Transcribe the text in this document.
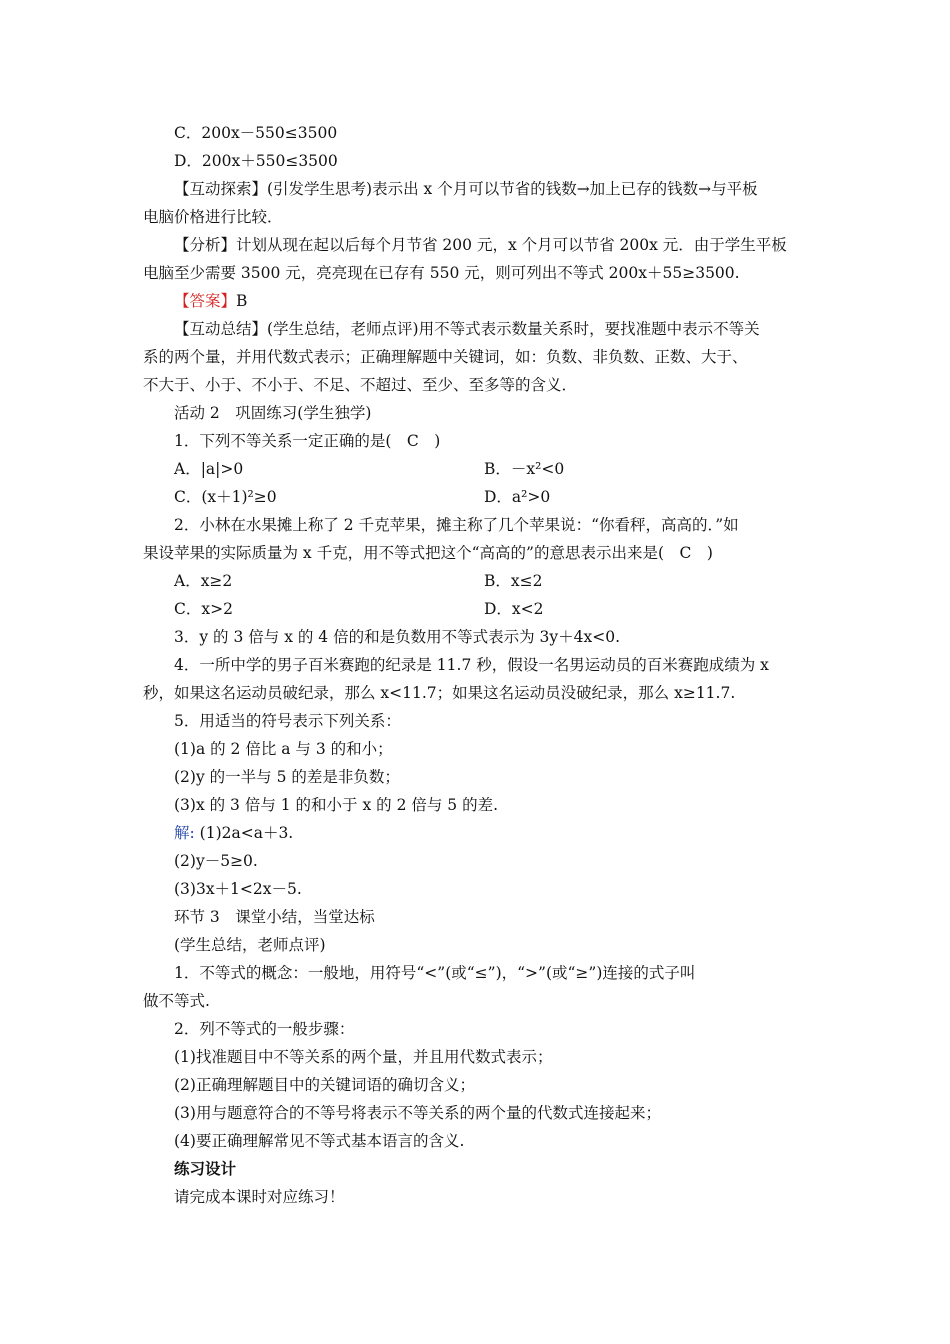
C．200x－550≤3500
D．200x＋550≤3500
【互动探索】(引发学生思考)表示出 x 个月可以节省的钱数→加上已存的钱数→与平板
电脑价格进行比较．
【分析】计划从现在起以后每个月节省 200 元，x 个月可以节省 200x 元．由于学生平板
电脑至少需要 3500 元，亮亮现在已存有 550 元，则可列出不等式 200x＋55≥3500.
【答案】B
【互动总结】(学生总结，老师点评)用不等式表示数量关系时，要找准题中表示不等关
系的两个量，并用代数式表示；正确理解题中关键词，如：负数、非负数、正数、大于、
不大于、小于、不小于、不足、不超过、至少、至多等的含义．
活动 2　巩固练习(学生独学)
1．下列不等关系一定正确的是(　C　)
A．|a|>0	B．－x²<0
C．(x＋1)²≥0	D．a²>0
2．小林在水果摊上称了 2 千克苹果，摊主称了几个苹果说：“你看秤，高高的．”如
果设苹果的实际质量为 x 千克，用不等式把这个“高高的”的意思表示出来是(　C　)
A．x≥2	B．x≤2
C．x>2	D．x<2
3．y 的 3 倍与 x 的 4 倍的和是负数用不等式表示为 3y＋4x<0.
4．一所中学的男子百米赛跑的纪录是 11.7 秒，假设一名男运动员的百米赛跑成绩为 x
秒，如果这名运动员破纪录，那么 x<11.7；如果这名运动员没破纪录，那么 x≥11.7.
5．用适当的符号表示下列关系：
(1)a 的 2 倍比 a 与 3 的和小；
(2)y 的一半与 5 的差是非负数；
(3)x 的 3 倍与 1 的和小于 x 的 2 倍与 5 的差.
解: (1)2a<a＋3.
(2)y－5≥0.
(3)3x＋1<2x－5.
环节 3　课堂小结，当堂达标
(学生总结，老师点评)
1．不等式的概念：一般地，用符号“<”(或“≤”)，“>”(或“≥”)连接的式子叫
做不等式.
2．列不等式的一般步骤：
(1)找准题目中不等关系的两个量，并且用代数式表示；
(2)正确理解题目中的关键词语的确切含义；
(3)用与题意符合的不等号将表示不等关系的两个量的代数式连接起来；
(4)要正确理解常见不等式基本语言的含义.
练习设计
请完成本课时对应练习！
